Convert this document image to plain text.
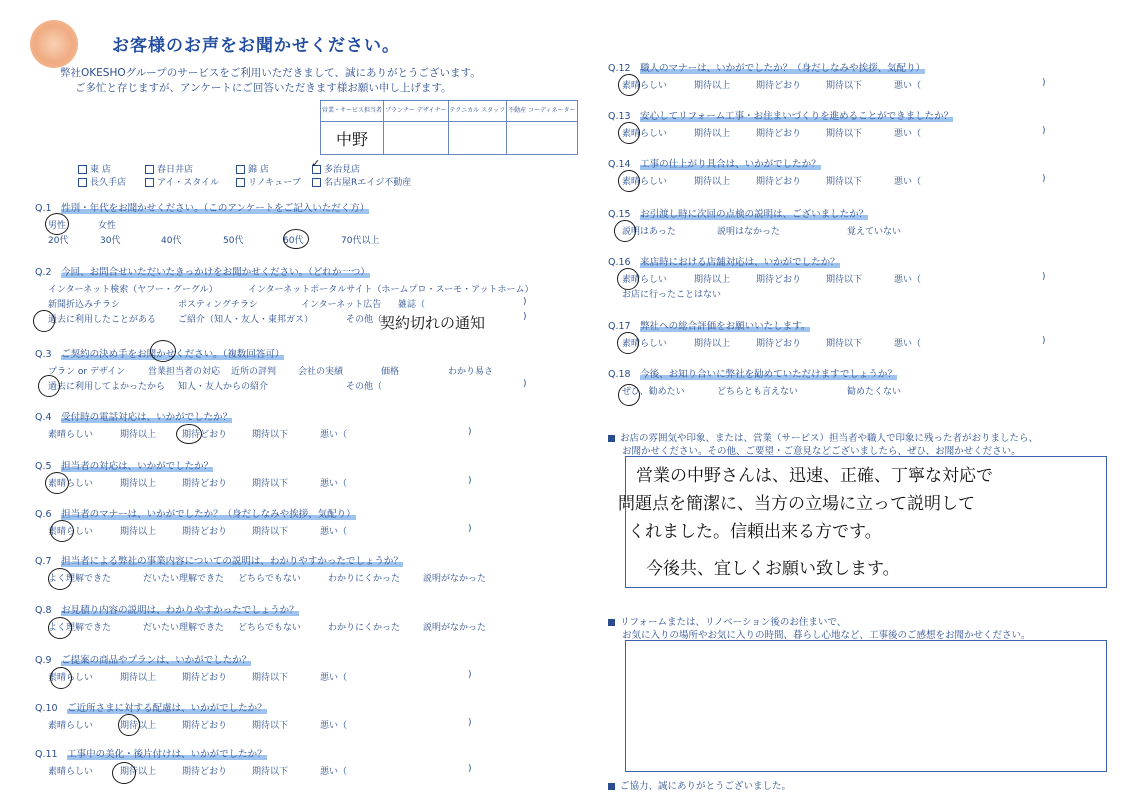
お客様のお声をお聞かせください。
弊社OKESHOグループのサービスをご利用いただきまして、誠にありがとうございます。
ご多忙と存じますが、アンケートにご回答いただきます様お願い申し上げます。
営業・サービス担当者	プランナー デザイナー	テクニカル スタッフ	不動産 コーディネーター
中野			
東 店	春日井店	錦 店	多治見店
長久手店	アイ・スタイル	リノキューブ	名古屋Rエイジ不動産
✓
契約切れの通知
お店の雰囲気や印象、または、営業（サービス）担当者や職人で印象に残った者がおりましたら、
お聞かせください。その他、ご要望・ご意見などございましたら、ぜひ、お聞かせください。
営業の中野さんは、迅速、正確、丁寧な対応で
問題点を簡潔に、当方の立場に立って説明して
くれました。信頼出来る方です。
今後共、宜しくお願い致します。
リフォームまたは、リノベーション後のお住まいで、
お気に入りの場所やお気に入りの時間、暮らし心地など、工事後のご感想をお聞かせください。
ご協力、誠にありがとうございました。
Q.1　 性別・年代をお聞かせください。（このアンケートをご記入いただく方）
男性	女性
20代	30代	40代	50代	60代	70代以上
Q.2　 今回、お問合せいただいたきっかけをお聞かせください。（どれか一つ）
インターネット検索（ヤフー・グーグル）	インターネットポータルサイト（ホームプロ・スーモ・アットホーム）
新聞折込みチラシ	ポスティングチラシ	インターネット広告 雑誌（	)
過去に利用したことがある ご紹介（知人・友人・東邦ガス）	その他（	)
Q.3　 ご契約の決め手をお聞かせください。（複数回答可）
プラン or デザイン	営業担当者の対応 近所の評判 会社の実績	価格	わかり易さ
過去に利用してよかったから 知人・友人からの紹介	その他（	)
Q.4　 受付時の電話対応は、いかがでしたか？
素晴らしい	期待以上	期待どおり	期待以下	悪い（	)
Q.5　 担当者の対応は、いかがでしたか？
素晴らしい	期待以上	期待どおり	期待以下	悪い（	)
Q.6　 担当者のマナーは、いかがでしたか？（身だしなみや挨拶、気配り）
素晴らしい	期待以上	期待どおり	期待以下	悪い（	)
Q.7　 担当者による弊社の事業内容についての説明は、わかりやすかったでしょうか？
よく理解できた	だいたい理解できた どちらでもない	わかりにくかった	説明がなかった
Q.8　 お見積り内容の説明は、わかりやすかったでしょうか？
よく理解できた	だいたい理解できた どちらでもない	わかりにくかった	説明がなかった
Q.9　 ご提案の商品やプランは、いかがでしたか？
素晴らしい	期待以上	期待どおり	期待以下	悪い（	)
Q.10　 ご近所さまに対する配慮は、いかがでしたか？
素晴らしい	期待以上	期待どおり	期待以下	悪い（	)
Q.11　 工事中の美化・後片付けは、いかがでしたか？
素晴らしい	期待以上	期待どおり	期待以下	悪い（	)
Q.12　 職人のマナーは、いかがでしたか？（身だしなみや挨拶、気配り）
素晴らしい	期待以上	期待どおり	期待以下	悪い（	)
Q.13　 安心してリフォーム工事・お住まいづくりを進めることができましたか？
素晴らしい	期待以上	期待どおり	期待以下	悪い（	)
Q.14　 工事の仕上がり具合は、いかがでしたか？
素晴らしい	期待以上	期待どおり	期待以下	悪い（	)
Q.15　 お引渡し時に次回の点検の説明は、ございましたか？
説明はあった	説明はなかった	覚えていない
Q.16　 来店時における店舗対応は、いかがでしたか？
素晴らしい	期待以上	期待どおり	期待以下	悪い（	)
お店に行ったことはない
Q.17　 弊社への総合評価をお願いいたします。
素晴らしい	期待以上	期待どおり	期待以下	悪い（	)
Q.18　 今後、お知り合いに弊社を勧めていただけますでしょうか？
ぜひ、勧めたい	どちらとも言えない	勧めたくない
